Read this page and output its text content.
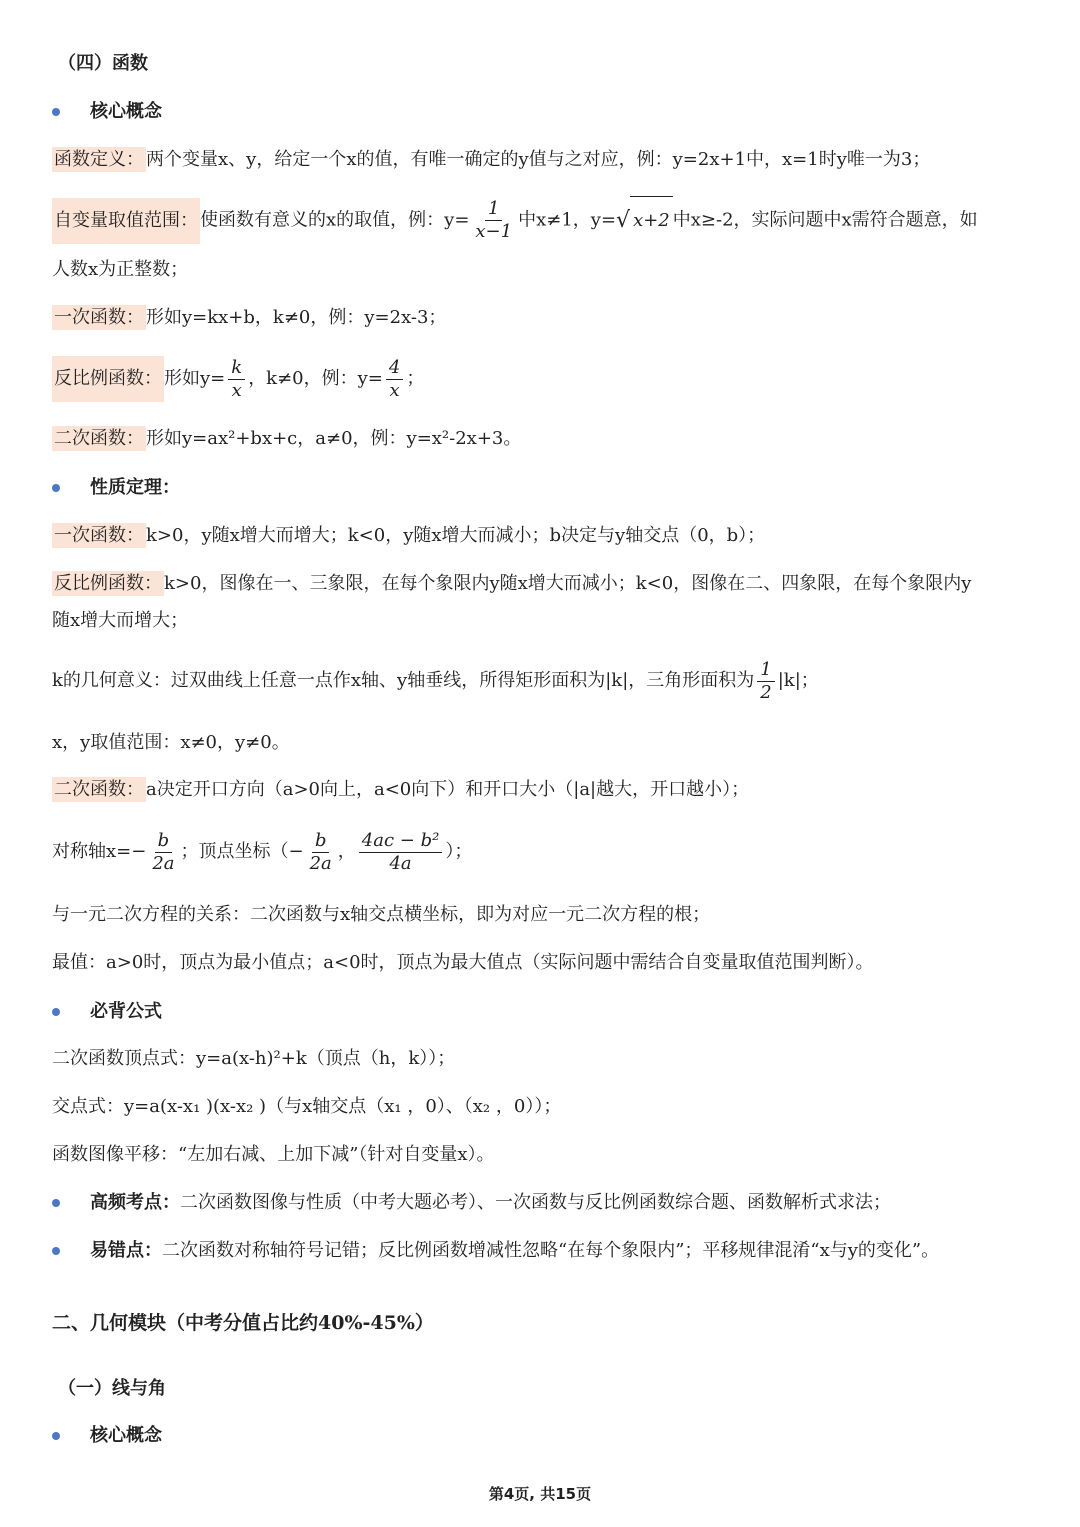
（四）函数
核心概念
函数定义： 两个变量x、y，给定一个x的值，有唯一确定的y值与之对应，例：y=2x+1中，x=1时y唯一为3；
自变量取值范围： 使函数有意义的x的取值，例：$y= \frac{1}{x-1}$ 中x≠1，y= √ x+2 中x≥-2，实际问题中x需符合题意，如
人数x为正整数；
一次函数： 形如y=kx+b，k≠0，例：y=2x-3；
反比例函数： 形如$y= \frac{k}{x}$ ，k≠0，例：$y= \frac{4}{x}$ ；
二次函数： 形如y=ax²+bx+c，a≠0，例：y=x²-2x+3。
性质定理：
一次函数： k>0，y随x增大而增大；k<0，y随x增大而减小；b决定与y轴交点（0，b）；
反比例函数： k>0，图像在一、三象限，在每个象限内y随x增大而减小；k<0，图像在二、四象限，在每个象限内y
随x增大而增大；
k的几何意义：过双曲线上任意一点作x轴、y轴垂线，所得矩形面积为|k|，三角形面积为 $\frac{1}{2} |k|$；
x，y取值范围：x≠0，y≠0。
二次函数： a决定开口方向（a>0向上，a<0向下）和开口大小（|a|越大，开口越小）；
对称轴$x=- \frac{b}{2a}$ ；顶点坐标（− $\frac{b}{2a}$ ， $\frac{\text{4ac − b²}}{4a}$ ）；
与一元二次方程的关系：二次函数与x轴交点横坐标，即为对应一元二次方程的根；
最值：a>0时，顶点为最小值点；a<0时，顶点为最大值点（实际问题中需结合自变量取值范围判断）。
必背公式
二次函数顶点式：y=a(x-h)²+k（顶点（h，k））；
交点式：y=a(x-x₁ )(x-x₂ )（与x轴交点（x₁ ，0）、（x₂ ，0））；
函数图像平移：“左加右减、上加下减”（针对自变量x）。
高频考点：二次函数图像与性质（中考大题必考）、一次函数与反比例函数综合题、函数解析式求法；
易错点：二次函数对称轴符号记错；反比例函数增减性忽略“在每个象限内”；平移规律混淆“x与y的变化”。
二、几何模块（中考分值占比约40%-45%）
（一）线与角
核心概念
第4页, 共15页
